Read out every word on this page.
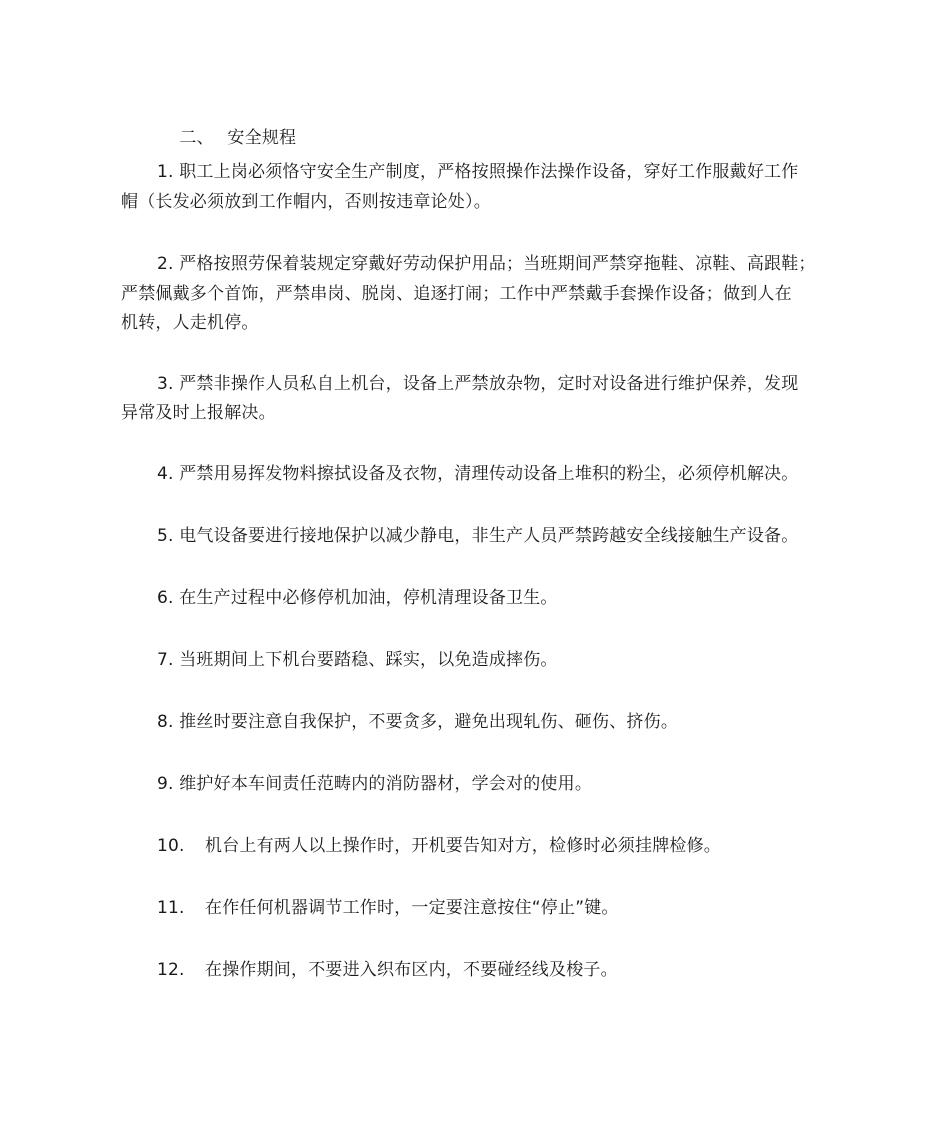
二、 安全规程

1. 职工上岗必须恪守安全生产制度，严格按照操作法操作设备，穿好工作服戴好工作
帽（长发必须放到工作帽内，否则按违章论处）。
2. 严格按照劳保着装规定穿戴好劳动保护用品；当班期间严禁穿拖鞋、凉鞋、高跟鞋；
严禁佩戴多个首饰，严禁串岗、脱岗、追逐打闹；工作中严禁戴手套操作设备；做到人在
机转，人走机停。
3. 严禁非操作人员私自上机台，设备上严禁放杂物，定时对设备进行维护保养，发现
异常及时上报解决。
4. 严禁用易挥发物料擦拭设备及衣物，清理传动设备上堆积的粉尘，必须停机解决。
5. 电气设备要进行接地保护以减少静电，非生产人员严禁跨越安全线接触生产设备。
6. 在生产过程中必修停机加油，停机清理设备卫生。
7. 当班期间上下机台要踏稳、踩实，以免造成摔伤。
8. 推丝时要注意自我保护，不要贪多，避免出现轧伤、砸伤、挤伤。
9. 维护好本车间责任范畴内的消防器材，学会对的使用。
10. 机台上有两人以上操作时，开机要告知对方，检修时必须挂牌检修。
11. 在作任何机器调节工作时，一定要注意按住“停止”键。
12. 在操作期间，不要进入织布区内，不要碰经线及梭子。
